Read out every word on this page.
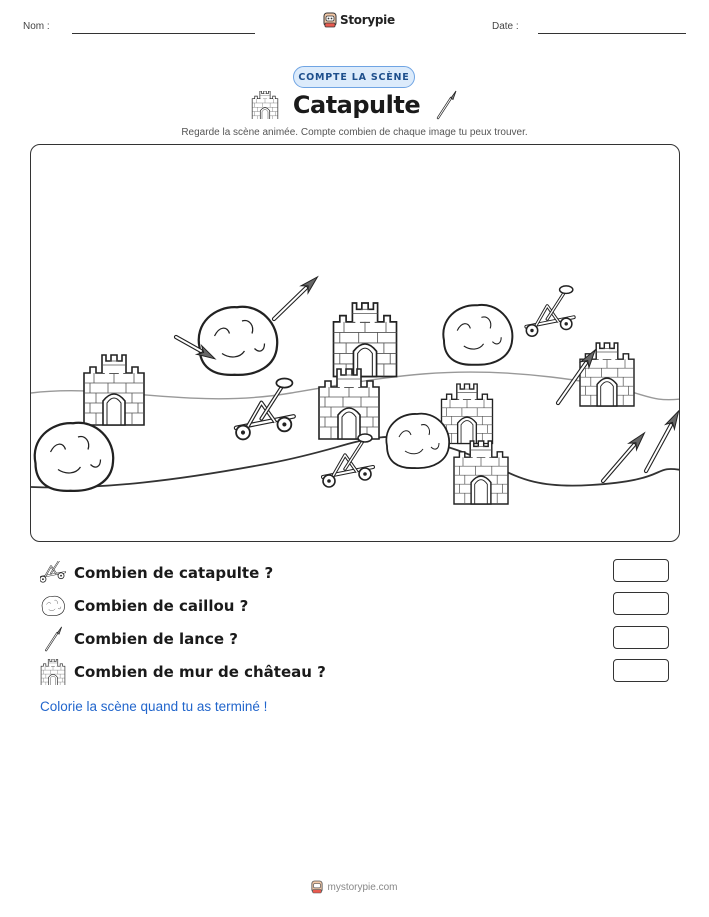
Nom :	Storypie	Date :
COMPTE LA SCÈNE
Catapulte
Regarde la scène animée. Compte combien de chaque image tu peux trouver.
Combien de catapulte ?
Combien de caillou ?
Combien de lance ?
Combien de mur de château ?
Colorie la scène quand tu as terminé !
mystorypie.com
